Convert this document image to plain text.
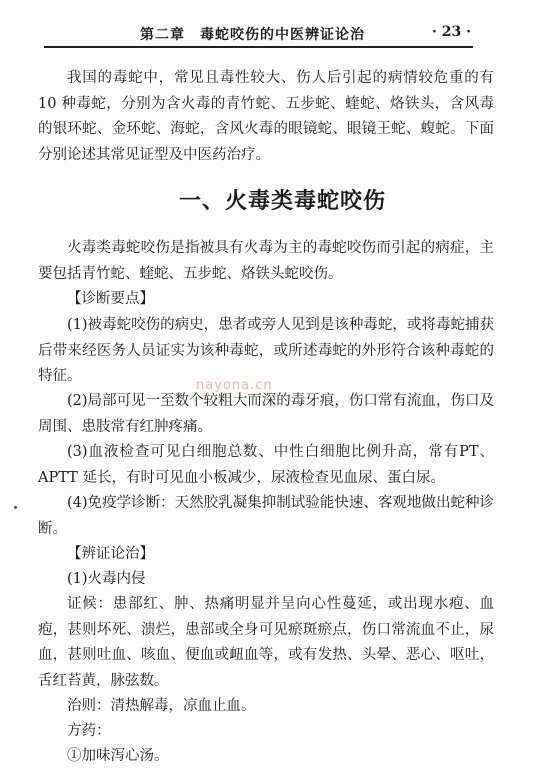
第二章　毒蛇咬伤的中医辨证论治	· 23 ·

我国的毒蛇中，常见且毒性较大、伤人后引起的病情较危重的有 10 种毒蛇，分别为含火毒的青竹蛇、五步蛇、蝰蛇、烙铁头，含风毒的银环蛇、金环蛇、海蛇，含风火毒的眼镜蛇、眼镜王蛇、蝮蛇。下面分别论述其常见证型及中医药治疗。

一、火毒类毒蛇咬伤

火毒类毒蛇咬伤是指被具有火毒为主的毒蛇咬伤而引起的病症，主要包括青竹蛇、蝰蛇、五步蛇、烙铁头蛇咬伤。

【诊断要点】

(1)被毒蛇咬伤的病史，患者或旁人见到是该种毒蛇，或将毒蛇捕获后带来经医务人员证实为该种毒蛇，或所述毒蛇的外形符合该种毒蛇的特征。

(2)局部可见一至数个较粗大而深的毒牙痕，伤口常有流血，伤口及周围、患肢常有红肿疼痛。

(3)血液检查可见白细胞总数、中性白细胞比例升高，常有PT、APTT 延长，有时可见血小板减少，尿液检查见血尿、蛋白尿。

(4)免疫学诊断：天然胶乳凝集抑制试验能快速、客观地做出蛇种诊断。

【辨证论治】

(1)火毒内侵

证候：患部红、肿、热痛明显并呈向心性蔓延，或出现水疱、血疱，甚则坏死、溃烂，患部或全身可见瘀斑瘀点，伤口常流血不止，尿血，甚则吐血、咳血、便血或衄血等，或有发热、头晕、恶心、呕吐，舌红苔黄，脉弦数。

治则：清热解毒，凉血止血。

方药：

①加味泻心汤。

nayona.cn
